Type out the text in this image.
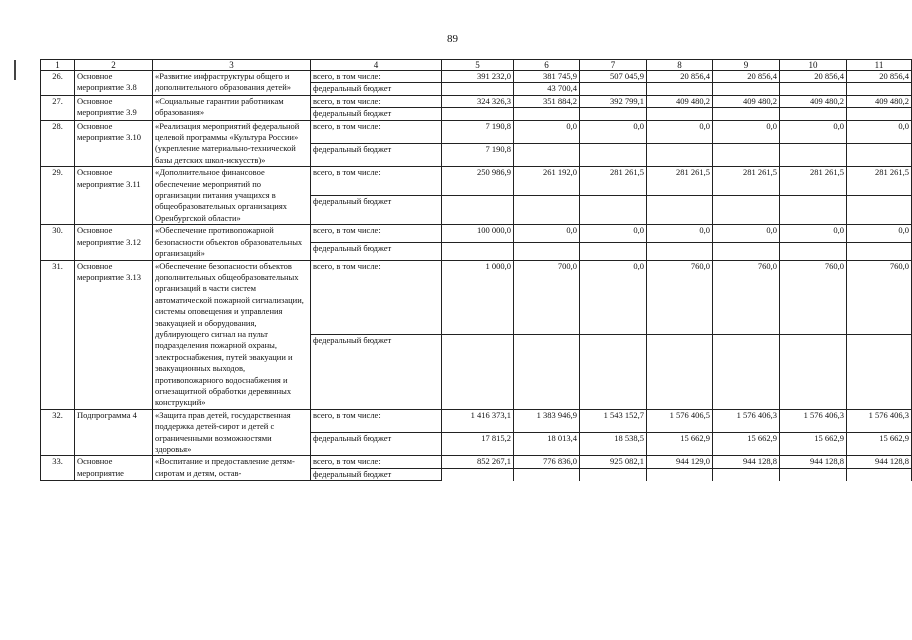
89
1	2	3	4	5	6	7	8	9	10	11
26.	Основное мероприятие 3.8	«Развитие инфраструктуры общего и дополнительного образования детей»	всего, в том числе:	391 232,0	381 745,9	507 045,9	20 856,4	20 856,4	20 856,4	20 856,4
			федеральный бюджет		43 700,4					
27.	Основное мероприятие 3.9	«Социальные гарантии работникам образования»	всего, в том числе:	324 326,3	351 884,2	392 799,1	409 480,2	409 480,2	409 480,2	409 480,2
			федеральный бюджет							
28.	Основное мероприятие 3.10	«Реализация мероприятий федеральной целевой программы «Культура России» (укрепление материально-технической базы детских школ-искусств)»	всего, в том числе:	7 190,8	0,0	0,0	0,0	0,0	0,0	0,0
			федеральный бюджет	7 190,8						
29.	Основное мероприятие 3.11	«Дополнительное финансовое обеспечение мероприятий по организации питания учащихся в общеобразовательных организациях Оренбургской области»	всего, в том числе:	250 986,9	261 192,0	281 261,5	281 261,5	281 261,5	281 261,5	281 261,5
			федеральный бюджет							
30.	Основное мероприятие 3.12	«Обеспечение противопожарной безопасности объектов образовательных организаций»	всего, в том числе:	100 000,0	0,0	0,0	0,0	0,0	0,0	0,0
			федеральный бюджет							
31.	Основное мероприятие 3.13	«Обеспечение безопасности объектов дополнительных общеобразовательных организаций в части систем автоматической пожарной сигнализации, системы оповещения и управления эвакуацией и оборудования, дублирующего сигнал на пульт подразделения пожарной охраны, электроснабжения, путей эвакуации и эвакуационных выходов, противопожарного водоснабжения и огнезащитной обработки деревянных конструкций»	всего, в том числе:	1 000,0	700,0	0,0	760,0	760,0	760,0	760,0
			федеральный бюджет							
32.	Подпрограмма 4	«Защита прав детей, государственная поддержка детей-сирот и детей с ограниченными возможностями здоровья»	всего, в том числе:	1 416 373,1	1 383 946,9	1 543 152,7	1 576 406,5	1 576 406,3	1 576 406,3	1 576 406,3
			федеральный бюджет	17 815,2	18 013,4	18 538,5	15 662,9	15 662,9	15 662,9	15 662,9
33.	Основное мероприятие	«Воспитание и предоставление детям-сиротам и детям, остав-	всего, в том числе:	852 267,1	776 836,0	925 082,1	944 129,0	944 128,8	944 128,8	944 128,8
			федеральный бюджет							
